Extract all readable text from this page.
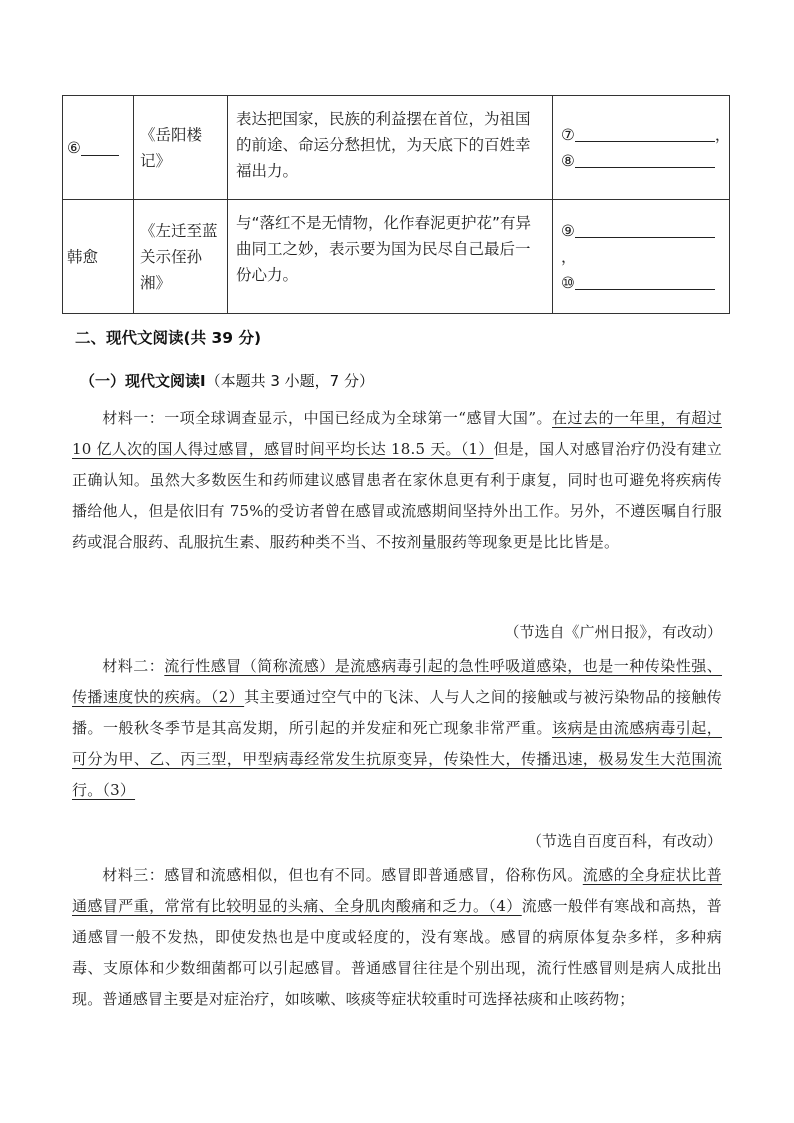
⑥
《岳阳楼记》
表达把国家，民族的利益摆在首位，为祖国的前途、命运分愁担忧，为天底下的百姓幸福出力。
⑦	，
⑧
韩愈
《左迁至蓝关示侄孙湘》
与“落红不是无情物，化作春泥更护花”有异曲同工之妙，表示要为国为民尽自己最后一份心力。
⑨
，
⑩
二、现代文阅读(共 39 分)
（一）现代文阅读Ⅰ（本题共 3 小题，7 分）
材料一：一项全球调查显示，中国已经成为全球第一“感冒大国”。在过去的一年里，有超过 10 亿人次的国人得过感冒，感冒时间平均长达 18.5 天。（1）但是，国人对感冒治疗仍没有建立正确认知。虽然大多数医生和药师建议感冒患者在家休息更有利于康复，同时也可避免将疾病传播给他人，但是依旧有 75%的受访者曾在感冒或流感期间坚持外出工作。另外，不遵医嘱自行服药或混合服药、乱服抗生素、服药种类不当、不按剂量服药等现象更是比比皆是。
（节选自《广州日报》，有改动）
材料二：流行性感冒（简称流感）是流感病毒引起的急性呼吸道感染，也是一种传染性强、传播速度快的疾病。（2）其主要通过空气中的飞沫、人与人之间的接触或与被污染物品的接触传播。一般秋冬季节是其高发期，所引起的并发症和死亡现象非常严重。该病是由流感病毒引起，可分为甲、乙、丙三型，甲型病毒经常发生抗原变异，传染性大，传播迅速，极易发生大范围流行。（3）
（节选自百度百科，有改动）
材料三：感冒和流感相似，但也有不同。感冒即普通感冒，俗称伤风。流感的全身症状比普通感冒严重，常常有比较明显的头痛、全身肌肉酸痛和乏力。（4）流感一般伴有寒战和高热，普通感冒一般不发热，即使发热也是中度或轻度的，没有寒战。感冒的病原体复杂多样，多种病毒、支原体和少数细菌都可以引起感冒。普通感冒往往是个别出现，流行性感冒则是病人成批出现。普通感冒主要是对症治疗，如咳嗽、咳痰等症状较重时可选择祛痰和止咳药物；
